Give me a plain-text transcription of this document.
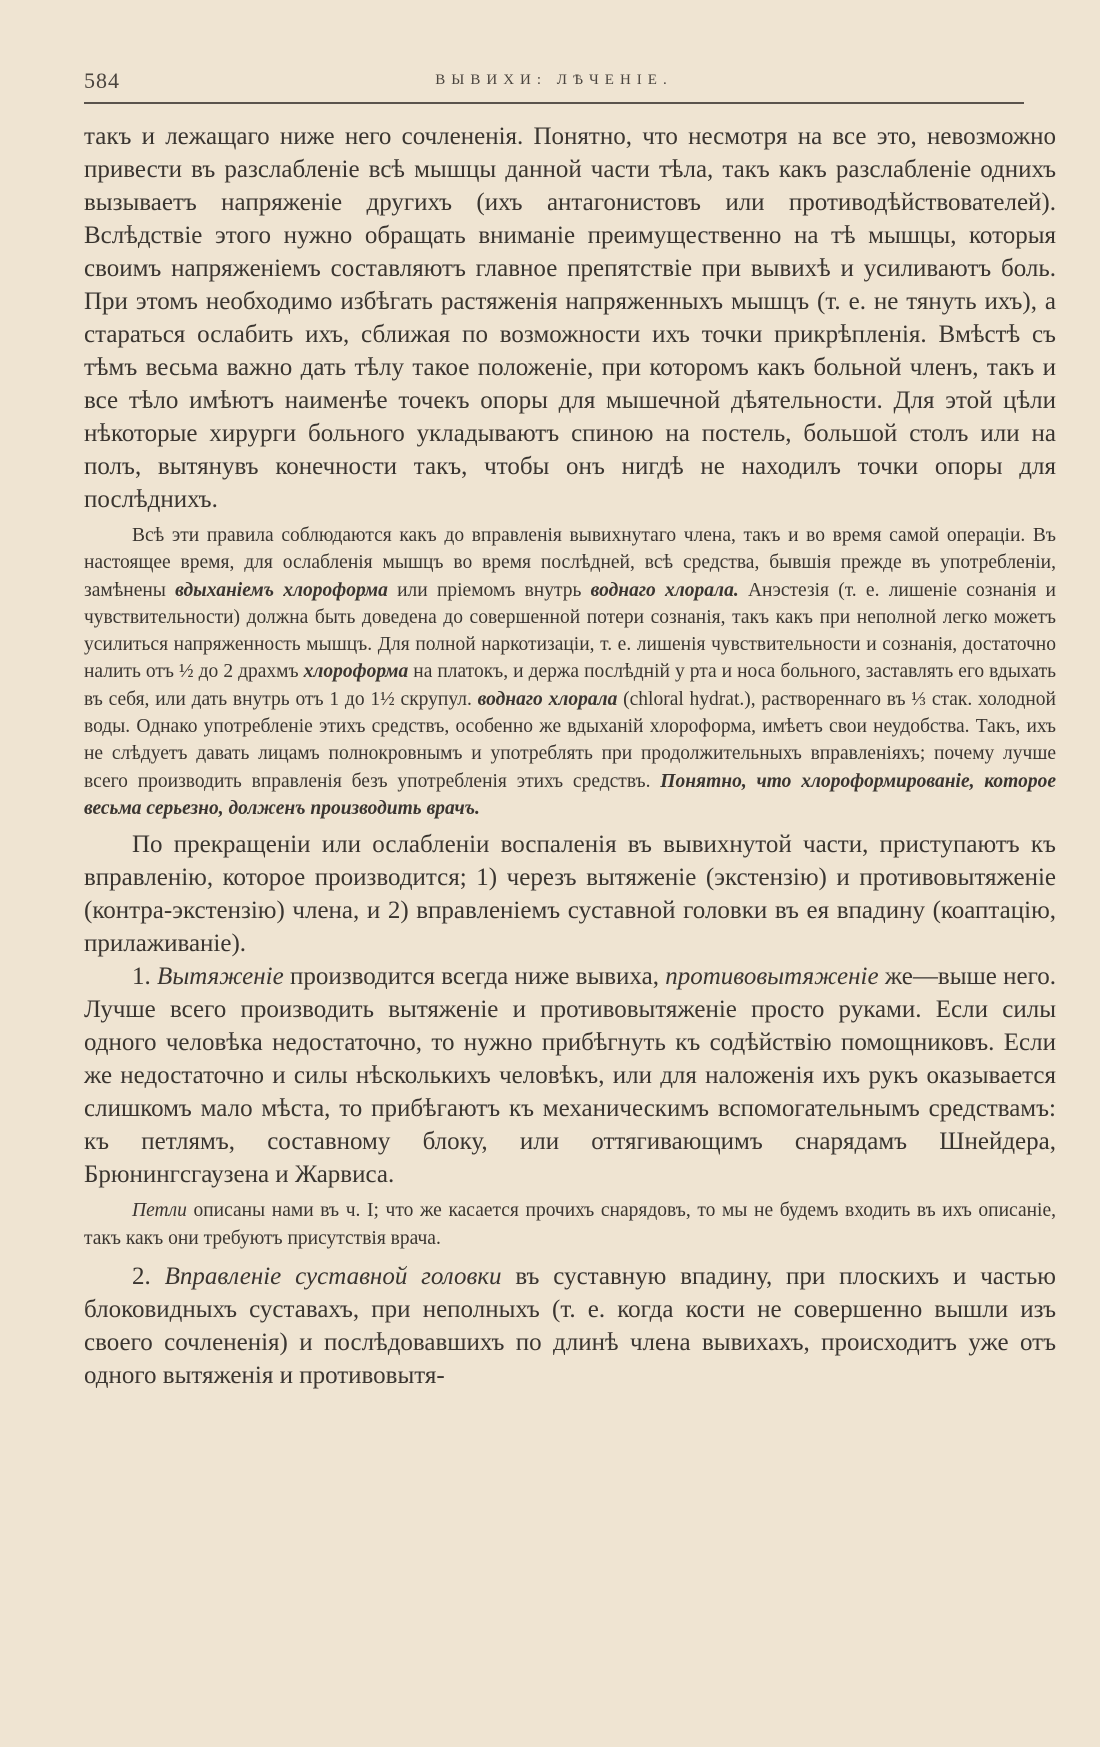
584	ВЫВИХИ: ЛѢЧЕНІЕ.

такъ и лежащаго ниже него сочлененія. Понятно, что несмотря на все это, невозможно привести въ разслабленіе всѣ мышцы данной части тѣла, такъ какъ разслабленіе однихъ вызываетъ напряженіе другихъ (ихъ антагонистовъ или противодѣйствователей). Вслѣдствіе этого нужно обращать вниманіе преимущественно на тѣ мышцы, которыя своимъ напряженіемъ составляютъ главное препятствіе при вывихѣ и усиливаютъ боль. При этомъ необходимо избѣгать растяженія напряженныхъ мышцъ (т. е. не тянуть ихъ), а стараться ослабить ихъ, сближая по возможности ихъ точки прикрѣпленія. Вмѣстѣ съ тѣмъ весьма важно дать тѣлу такое положеніе, при которомъ какъ больной членъ, такъ и все тѣло имѣютъ наименѣе точекъ опоры для мышечной дѣятельности. Для этой цѣли нѣкоторые хирурги больного укладываютъ спиною на постель, большой столъ или на полъ, вытянувъ конечности такъ, чтобы онъ нигдѣ не находилъ точки опоры для послѣднихъ.

Всѣ эти правила соблюдаются какъ до вправленія вывихнутаго члена, такъ и во время самой операціи. Въ настоящее время, для ослабленія мышцъ во время послѣдней, всѣ средства, бывшія прежде въ употребленіи, замѣнены вдыханіемъ хлороформа или пріемомъ внутрь воднаго хлорала. Анэстезія (т. е. лишеніе сознанія и чувствительности) должна быть доведена до совершенной потери сознанія, такъ какъ при неполной легко можетъ усилиться напряженность мышцъ. Для полной наркотизаціи, т. е. лишенія чувствительности и сознанія, достаточно налить отъ ½ до 2 драхмъ хлороформа на платокъ, и держа послѣдній у рта и носа больного, заставлять его вдыхать въ себя, или дать внутрь отъ 1 до 1½ скрупул. воднаго хлорала (chloral hydrat.), раствореннаго въ ⅓ стак. холодной воды. Однако употребленіе этихъ средствъ, особенно же вдыханій хлороформа, имѣетъ свои неудобства. Такъ, ихъ не слѣдуетъ давать лицамъ полнокровнымъ и употреблять при продолжительныхъ вправленіяхъ; почему лучше всего производить вправленія безъ употребленія этихъ средствъ. Понятно, что хлороформированіе, которое весьма серьезно, долженъ производить врачъ.

По прекращеніи или ослабленіи воспаленія въ вывихнутой части, приступаютъ къ вправленію, которое производится; 1) черезъ вытяженіе (экстензію) и противовытяженіе (контра-экстензію) члена, и 2) вправленіемъ суставной головки въ ея впадину (коаптацію, прилаживаніе).

1. Вытяженіе производится всегда ниже вывиха, противовытяженіе же—выше него. Лучше всего производить вытяженіе и противовытяженіе просто руками. Если силы одного человѣка недостаточно, то нужно прибѣгнуть къ содѣйствію помощниковъ. Если же недостаточно и силы нѣсколькихъ человѣкъ, или для наложенія ихъ рукъ оказывается слишкомъ мало мѣста, то прибѣгаютъ къ механическимъ вспомогательнымъ средствамъ: къ петлямъ, составному блоку, или оттягивающимъ снарядамъ Шнейдера, Брюнингсгаузена и Жарвиса.

Петли описаны нами въ ч. I; что же касается прочихъ снарядовъ, то мы не будемъ входить въ ихъ описаніе, такъ какъ они требуютъ присутствія врача.

2. Вправленіе суставной головки въ суставную впадину, при плоскихъ и частью блоковидныхъ суставахъ, при неполныхъ (т. е. когда кости не совершенно вышли изъ своего сочлененія) и послѣдовавшихъ по длинѣ члена вывихахъ, происходитъ уже отъ одного вытяженія и противовытя-
